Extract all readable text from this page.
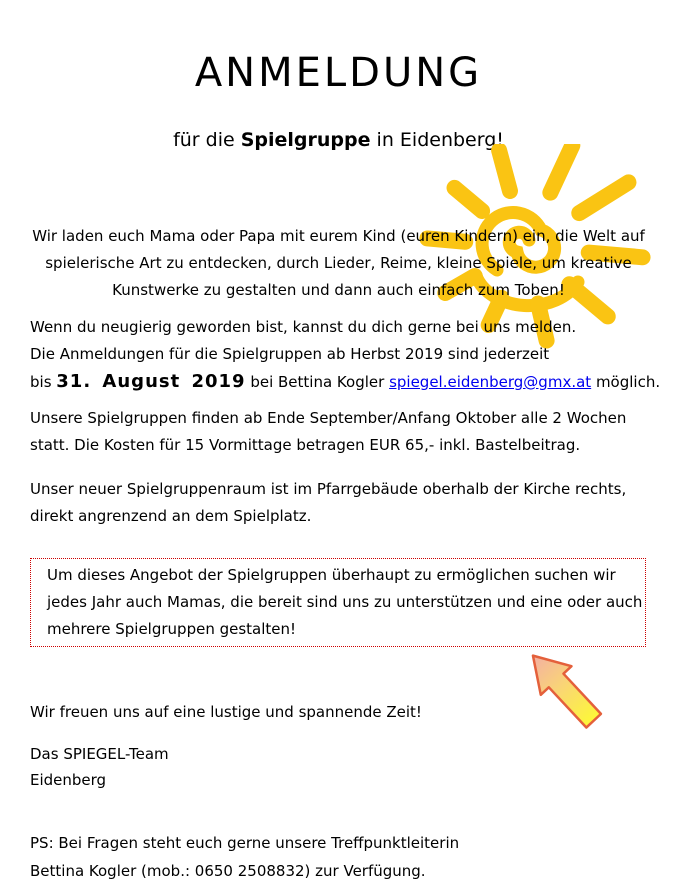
ANMELDUNG
für die Spielgruppe in Eidenberg!
Wir laden euch Mama oder Papa mit eurem Kind (euren Kindern) ein, die Welt auf
spielerische Art zu entdecken, durch Lieder, Reime, kleine Spiele, um kreative
Kunstwerke zu gestalten und dann auch einfach zum Toben!
Wenn du neugierig geworden bist, kannst du dich gerne bei uns melden.
Die Anmeldungen für die Spielgruppen ab Herbst 2019 sind jederzeit
bis 31. August 2019 bei Bettina Kogler spiegel.eidenberg@gmx.at möglich.
Unsere Spielgruppen finden ab Ende September/Anfang Oktober alle 2 Wochen
statt. Die Kosten für 15 Vormittage betragen EUR 65,- inkl. Bastelbeitrag.
Unser neuer Spielgruppenraum ist im Pfarrgebäude oberhalb der Kirche rechts,
direkt angrenzend an dem Spielplatz.
Um dieses Angebot der Spielgruppen überhaupt zu ermöglichen suchen wir
jedes Jahr auch Mamas, die bereit sind uns zu unterstützen und eine oder auch
mehrere Spielgruppen gestalten!
Wir freuen uns auf eine lustige und spannende Zeit!
Das SPIEGEL-Team
Eidenberg
PS: Bei Fragen steht euch gerne unsere Treffpunktleiterin
Bettina Kogler (mob.: 0650 2508832) zur Verfügung.
